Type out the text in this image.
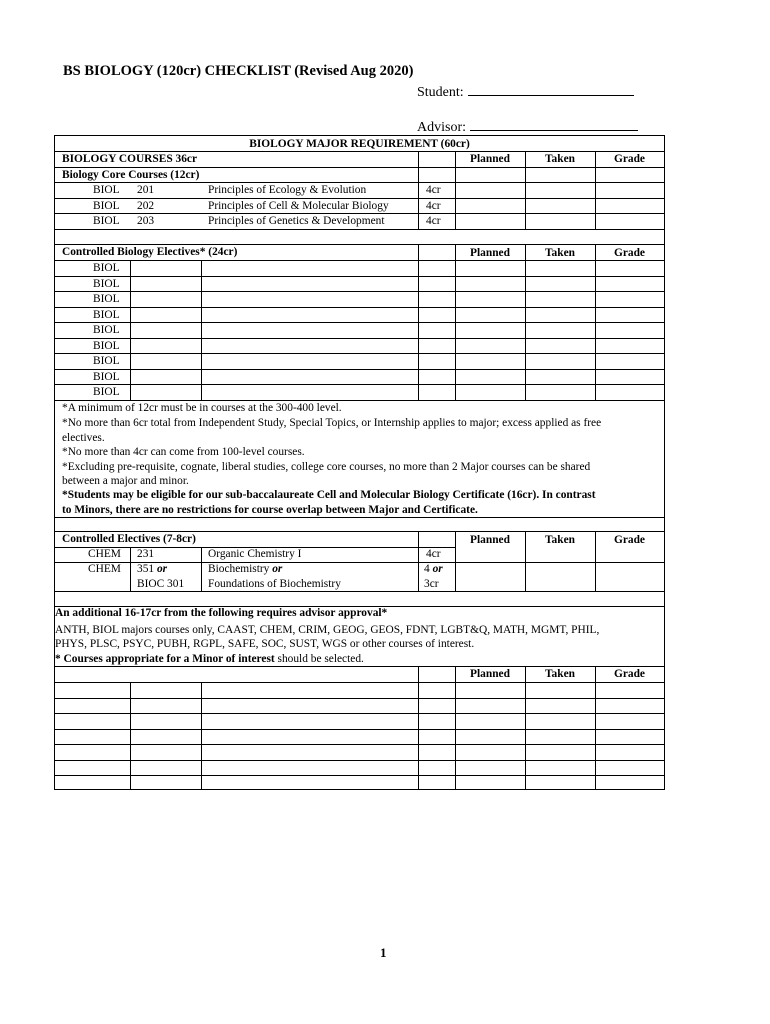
BS BIOLOGY (120cr) CHECKLIST (Revised Aug 2020)
Student:
Advisor:
BIOLOGY MAJOR REQUIREMENT (60cr)
BIOLOGY COURSES 36cr	Planned	Taken	Grade
Biology Core Courses (12cr)
BIOL 201	Principles of Ecology & Evolution	4cr
BIOL 202	Principles of Cell & Molecular Biology	4cr
BIOL 203	Principles of Genetics & Development	4cr
Controlled Biology Electives* (24cr)	Planned	Taken	Grade
BIOL
BIOL
BIOL
BIOL
BIOL
BIOL
BIOL
BIOL
BIOL
*A minimum of 12cr must be in courses at the 300-400 level.
*No more than 6cr total from Independent Study, Special Topics, or Internship applies to major; excess applied as free
electives.
*No more than 4cr can come from 100-level courses.
*Excluding pre-requisite, cognate, liberal studies, college core courses, no more than 2 Major courses can be shared
between a major and minor.
*Students may be eligible for our sub-baccalaureate Cell and Molecular Biology Certificate (16cr). In contrast
to Minors, there are no restrictions for course overlap between Major and Certificate.
Controlled Electives (7-8cr)	Planned	Taken	Grade
CHEM 231	Organic Chemistry I	4cr
CHEM 351 or	Biochemistry or	4 or
BIOC 301 Foundations of Biochemistry	3cr
An additional 16-17cr from the following requires advisor approval*
ANTH, BIOL majors courses only, CAAST, CHEM, CRIM, GEOG, GEOS, FDNT, LGBT&Q, MATH, MGMT, PHIL,
PHYS, PLSC, PSYC, PUBH, RGPL, SAFE, SOC, SUST, WGS or other courses of interest.
* Courses appropriate for a Minor of interest should be selected.
Planned	Taken	Grade
1
